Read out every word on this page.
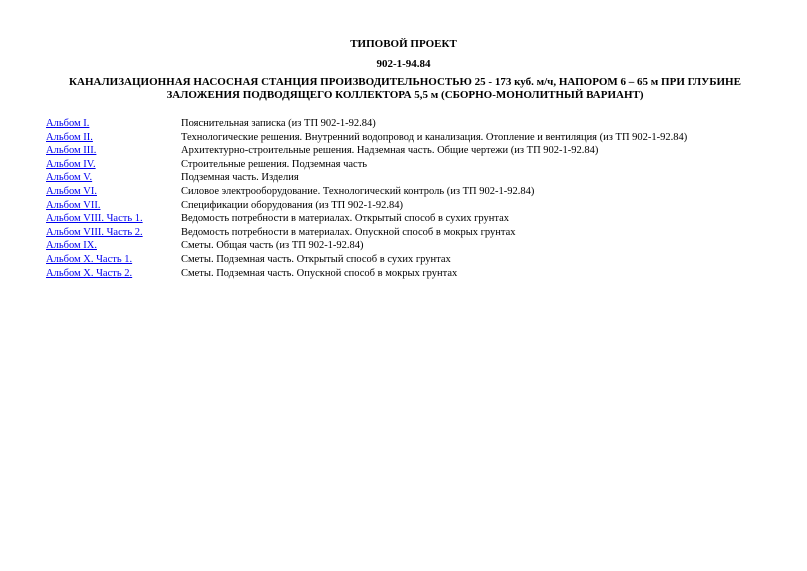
ТИПОВОЙ ПРОЕКТ
902-1-94.84
КАНАЛИЗАЦИОННАЯ НАСОСНАЯ СТАНЦИЯ ПРОИЗВОДИТЕЛЬНОСТЬЮ 25 - 173 куб. м/ч, НАПОРОМ 6 – 65 м ПРИ ГЛУБИНЕ ЗАЛОЖЕНИЯ ПОДВОДЯЩЕГО КОЛЛЕКТОРА 5,5 м (СБОРНО-МОНОЛИТНЫЙ ВАРИАНТ)
Альбом I.	Пояснительная записка (из ТП 902-1-92.84)
Альбом II.	Технологические решения. Внутренний водопровод и канализация. Отопление и вентиляция (из ТП 902-1-92.84)
Альбом III.	Архитектурно-строительные решения. Надземная часть. Общие чертежи (из ТП 902-1-92.84)
Альбом IV.	Строительные решения. Подземная часть
Альбом V.	Подземная часть. Изделия
Альбом VI.	Силовое электрооборудование. Технологический контроль (из ТП 902-1-92.84)
Альбом VII.	Спецификации оборудования (из ТП 902-1-92.84)
Альбом VIII. Часть 1.	Ведомость потребности в материалах. Открытый способ в сухих грунтах
Альбом VIII. Часть 2.	Ведомость потребности в материалах. Опускной способ в мокрых грунтах
Альбом IX.	Сметы. Общая часть (из ТП 902-1-92.84)
Альбом X. Часть 1.	Сметы. Подземная часть. Открытый способ в сухих грунтах
Альбом X. Часть 2.	Сметы. Подземная часть. Опускной способ в мокрых грунтах
